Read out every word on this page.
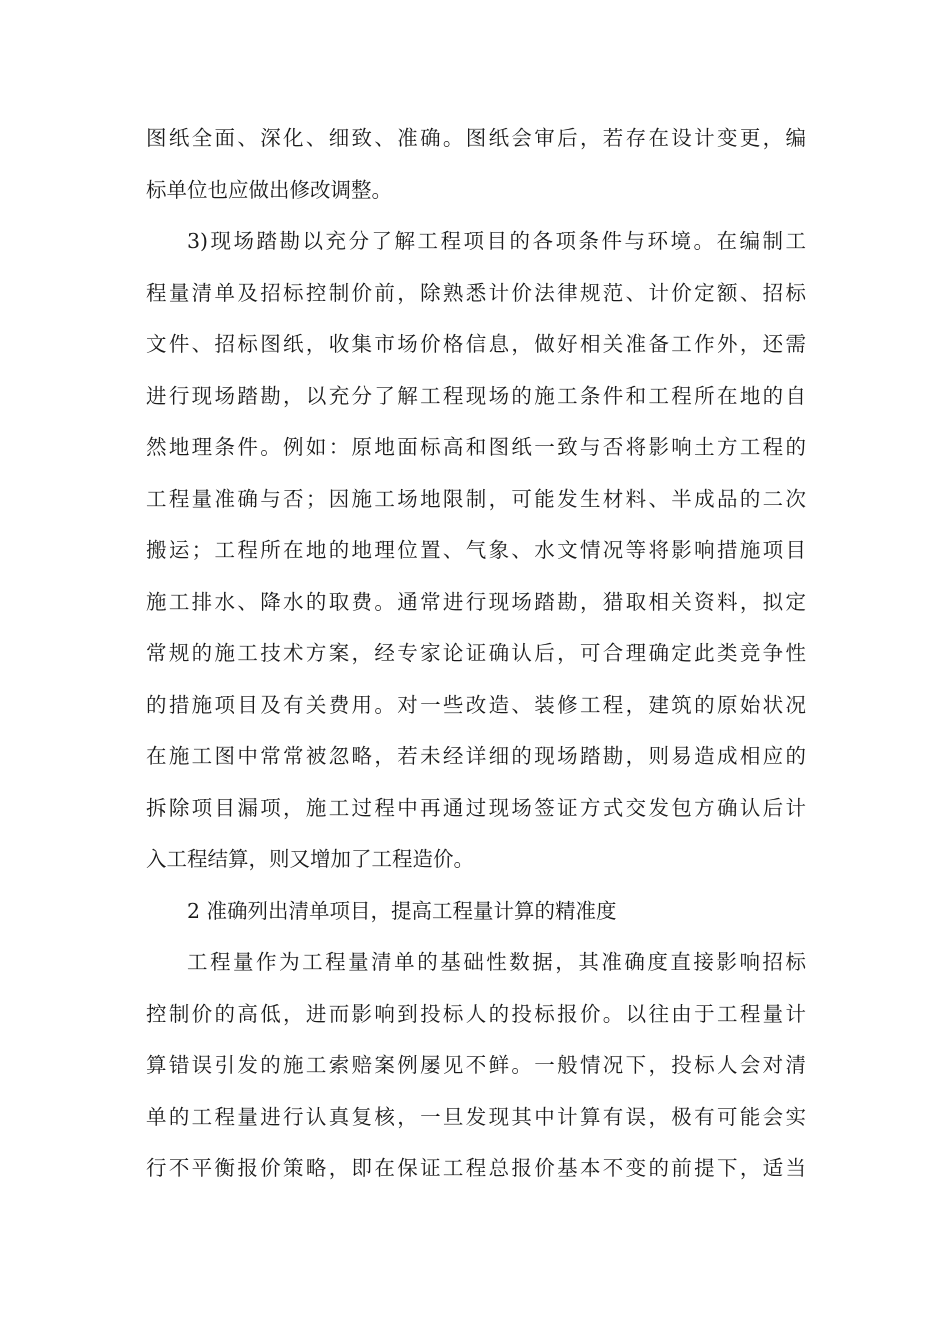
图纸全面、深化、细致、准确。图纸会审后，若存在设计变更，编
标单位也应做出修改调整。
3)现场踏勘以充分了解工程项目的各项条件与环境。在编制工
程量清单及招标控制价前，除熟悉计价法律规范、计价定额、招标
文件、招标图纸，收集市场价格信息，做好相关准备工作外，还需
进行现场踏勘，以充分了解工程现场的施工条件和工程所在地的自
然地理条件。例如：原地面标高和图纸一致与否将影响土方工程的
工程量准确与否；因施工场地限制，可能发生材料、半成品的二次
搬运；工程所在地的地理位置、气象、水文情况等将影响措施项目
施工排水、降水的取费。通常进行现场踏勘，猎取相关资料，拟定
常规的施工技术方案，经专家论证确认后，可合理确定此类竞争性
的措施项目及有关费用。对一些改造、装修工程，建筑的原始状况
在施工图中常常被忽略，若未经详细的现场踏勘，则易造成相应的
拆除项目漏项，施工过程中再通过现场签证方式交发包方确认后计
入工程结算，则又增加了工程造价。
2 准确列出清单项目，提高工程量计算的精准度
工程量作为工程量清单的基础性数据，其准确度直接影响招标
控制价的高低，进而影响到投标人的投标报价。以往由于工程量计
算错误引发的施工索赔案例屡见不鲜。一般情况下，投标人会对清
单的工程量进行认真复核，一旦发现其中计算有误，极有可能会实
行不平衡报价策略，即在保证工程总报价基本不变的前提下，适当
